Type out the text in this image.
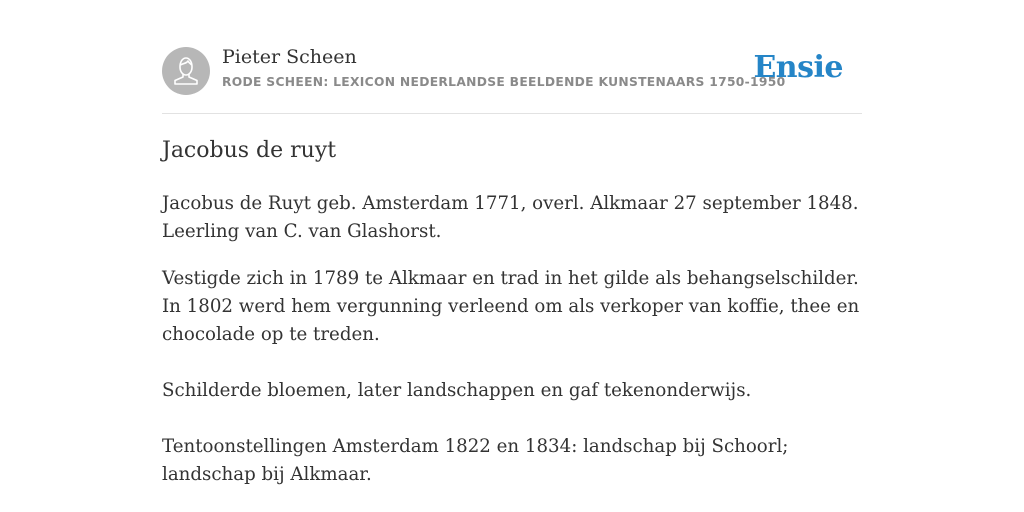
Pieter Scheen
RODE SCHEEN: LEXICON NEDERLANDSE BEELDENDE KUNSTENAARS 1750-1950
Ensie
Jacobus de ruyt

Jacobus de Ruyt geb. Amsterdam 1771, overl. Alkmaar 27 september 1848. Leerling van C. van Glashorst.

Vestigde zich in 1789 te Alkmaar en trad in het gilde als behangselschilder. In 1802 werd hem vergunning verleend om als verkoper van koffie, thee en chocolade op te treden.

Schilderde bloemen, later landschappen en gaf tekenonderwijs.

Tentoonstellingen Amsterdam 1822 en 1834: landschap bij Schoorl; landschap bij Alkmaar.
